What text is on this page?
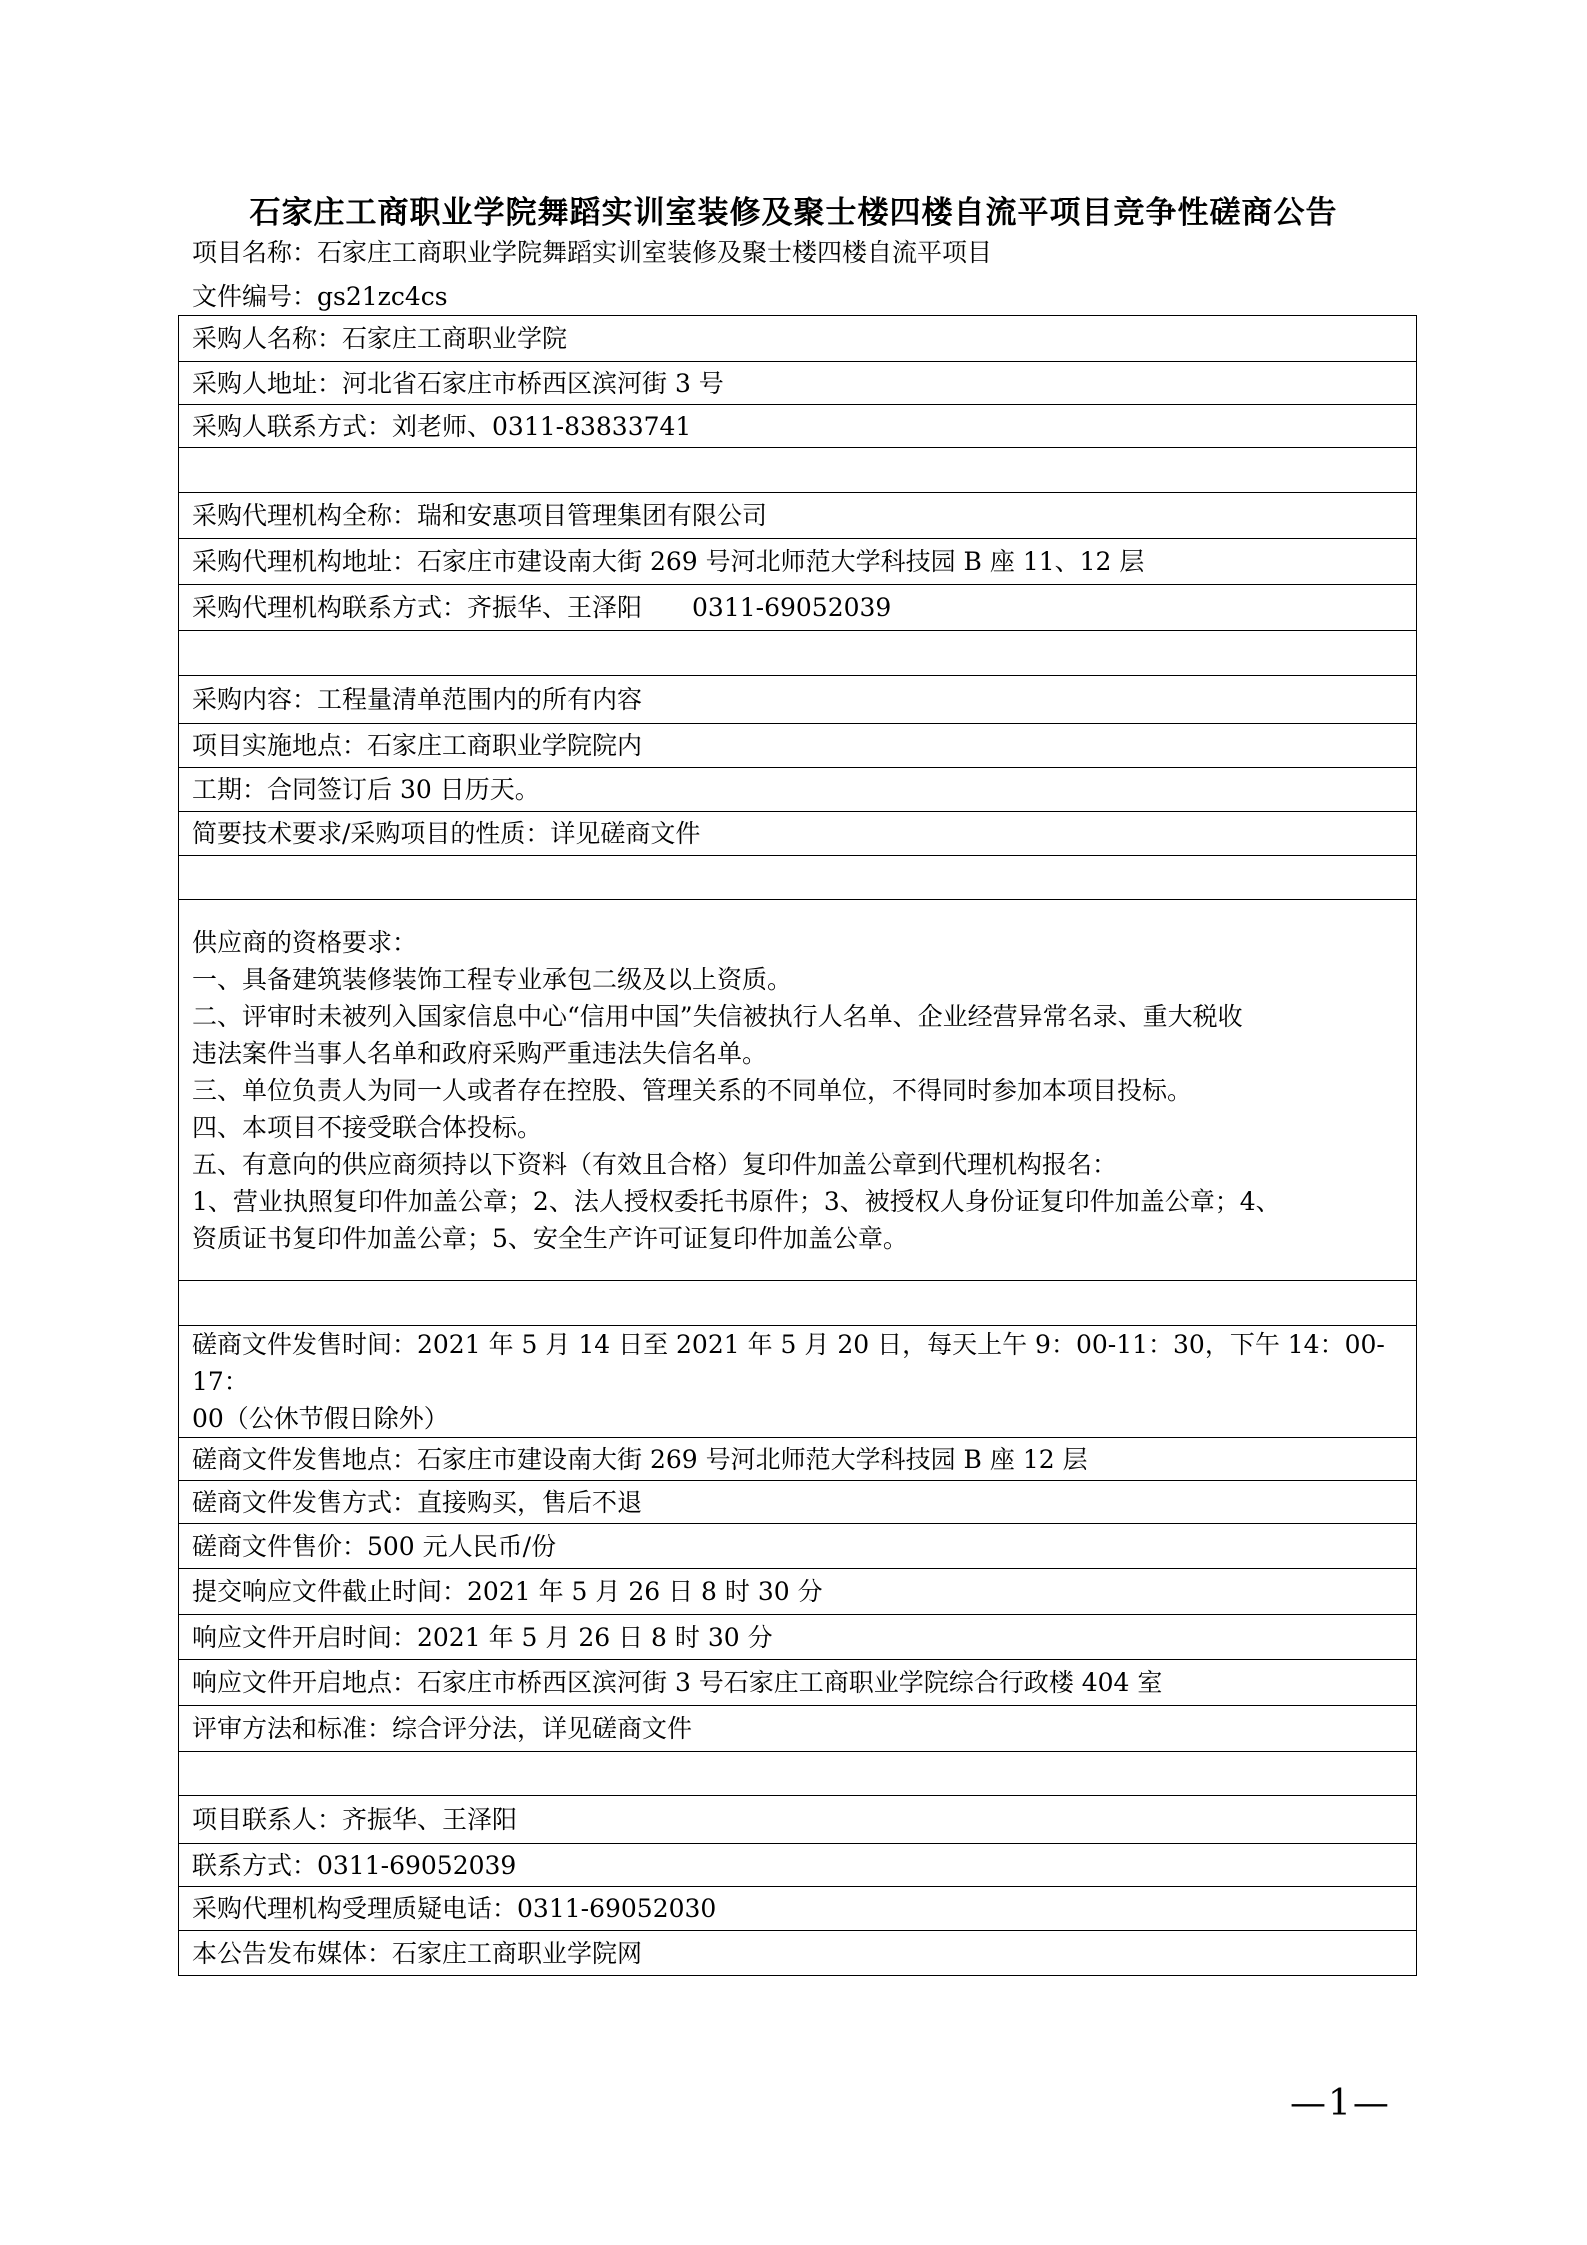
石家庄工商职业学院舞蹈实训室装修及聚士楼四楼自流平项目竞争性磋商公告
项目名称：石家庄工商职业学院舞蹈实训室装修及聚士楼四楼自流平项目
文件编号：gs21zc4cs
采购人名称：石家庄工商职业学院

采购人地址：河北省石家庄市桥西区滨河街 3 号

采购人联系方式：刘老师、0311-83833741

采购代理机构全称：瑞和安惠项目管理集团有限公司

采购代理机构地址：石家庄市建设南大街 269 号河北师范大学科技园 B 座 11、12 层

采购代理机构联系方式：齐振华、王泽阳　　0311-69052039

采购内容：工程量清单范围内的所有内容

项目实施地点：石家庄工商职业学院院内

工期：合同签订后 30 日历天。

简要技术要求/采购项目的性质：详见磋商文件

供应商的资格要求：
一、具备建筑装修装饰工程专业承包二级及以上资质。
二、评审时未被列入国家信息中心“信用中国”失信被执行人名单、企业经营异常名录、重大税收
违法案件当事人名单和政府采购严重违法失信名单。
三、单位负责人为同一人或者存在控股、管理关系的不同单位，不得同时参加本项目投标。
四、本项目不接受联合体投标。
五、有意向的供应商须持以下资料（有效且合格）复印件加盖公章到代理机构报名：
1、营业执照复印件加盖公章；2、法人授权委托书原件；3、被授权人身份证复印件加盖公章；4、
资质证书复印件加盖公章；5、安全生产许可证复印件加盖公章。

磋商文件发售时间：2021 年 5 月 14 日至 2021 年 5 月 20 日，每天上午 9：00-11：30，下午 14：00-17：
00（公休节假日除外）

磋商文件发售地点：石家庄市建设南大街 269 号河北师范大学科技园 B 座 12 层

磋商文件发售方式：直接购买，售后不退

磋商文件售价：500 元人民币/份

提交响应文件截止时间：2021 年 5 月 26 日 8 时 30 分

响应文件开启时间：2021 年 5 月 26 日 8 时 30 分

响应文件开启地点：石家庄市桥西区滨河街 3 号石家庄工商职业学院综合行政楼 404 室

评审方法和标准：综合评分法，详见磋商文件

项目联系人：齐振华、王泽阳

联系方式：0311-69052039

采购代理机构受理质疑电话：0311-69052030

本公告发布媒体：石家庄工商职业学院网
—1—
